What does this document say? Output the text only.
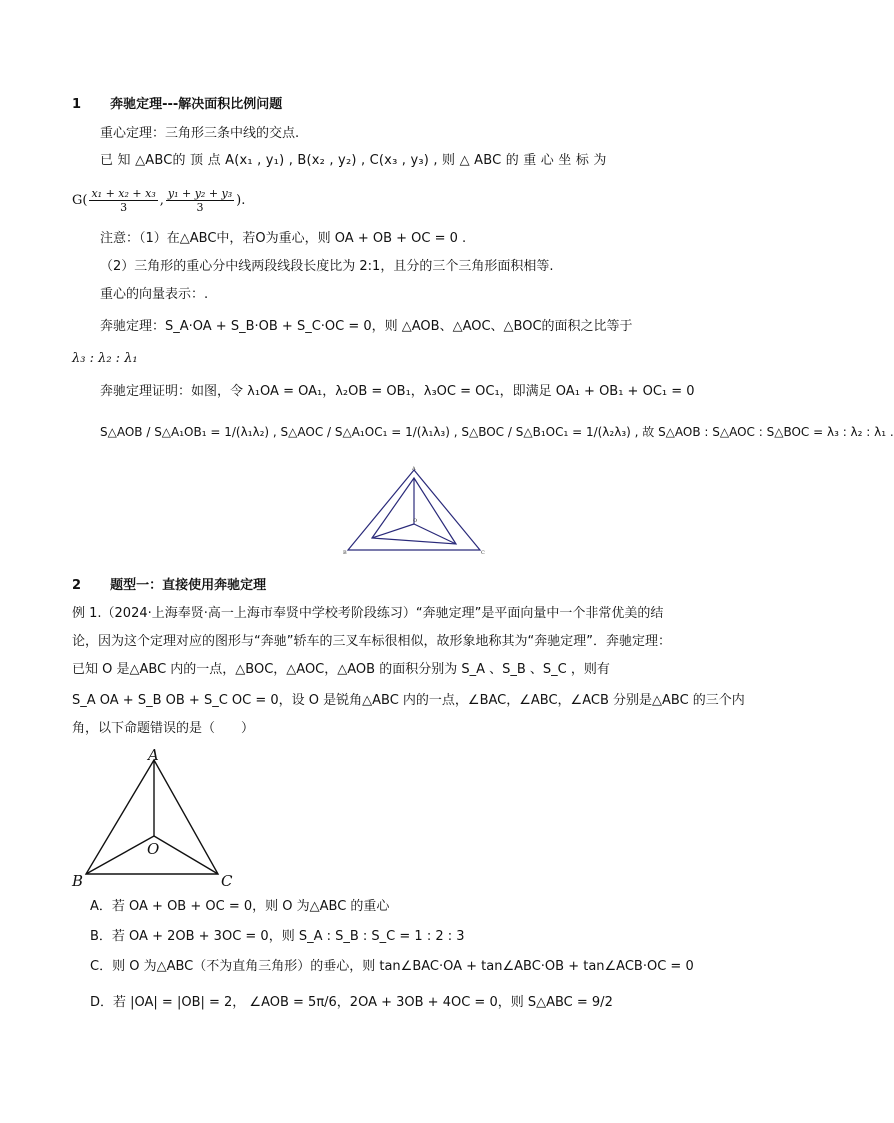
1 奔驰定理---解决面积比例问题
重心定理：三角形三条中线的交点.
已 知 △ABC的 顶 点 A(x₁ , y₁) , B(x₂ , y₂) , C(x₃ , y₃) , 则 △ ABC 的 重 心 坐 标 为
$G( \frac{\text{x₁ + x₂ + x₃}}{3}$ , $\frac{\text{y₁ + y₂ + y₃}}{3}$ ).
注意：（1）在△ABC中，若O为重心，则 OA + OB + OC = 0 .
（2）三角形的重心分中线两段线段长度比为 2:1，且分的三个三角形面积相等.
重心的向量表示：.
奔驰定理：S_A·OA + S_B·OB + S_C·OC = 0，则 △AOB、△AOC、△BOC的面积之比等于
λ₃ : λ₂ : λ₁
奔驰定理证明：如图，令 λ₁OA = OA₁，λ₂OB = OB₁，λ₃OC = OC₁，即满足 OA₁ + OB₁ + OC₁ = 0
S△AOB / S△A₁OB₁ = 1/(λ₁λ₂) , S△AOC / S△A₁OC₁ = 1/(λ₁λ₃) , S△BOC / S△B₁OC₁ = 1/(λ₂λ₃) , 故 S△AOB : S△AOC : S△BOC = λ₃ : λ₂ : λ₁ .
A
B	C
O
2 题型一：直接使用奔驰定理
例 1.（2024·上海奉贤·高一上海市奉贤中学校考阶段练习）“奔驰定理”是平面向量中一个非常优美的结
论，因为这个定理对应的图形与“奔驰”轿车的三叉车标很相似，故形象地称其为“奔驰定理”．奔驰定理：
已知 O 是△ABC 内的一点，△BOC，△AOC，△AOB 的面积分别为 S_A 、S_B 、S_C ，则有
S_A OA + S_B OB + S_C OC = 0，设 O 是锐角△ABC 内的一点，∠BAC，∠ABC，∠ACB 分别是△ABC 的三个内
角，以下命题错误的是（　　）
A
B	C
O
A．若 OA + OB + OC = 0，则 O 为△ABC 的重心
B．若 OA + 2OB + 3OC = 0，则 S_A : S_B : S_C = 1 : 2 : 3
C．则 O 为△ABC（不为直角三角形）的垂心，则 tan∠BAC·OA + tan∠ABC·OB + tan∠ACB·OC = 0
D．若 |OA| = |OB| = 2， ∠AOB = 5π/6，2OA + 3OB + 4OC = 0，则 S△ABC = 9/2
